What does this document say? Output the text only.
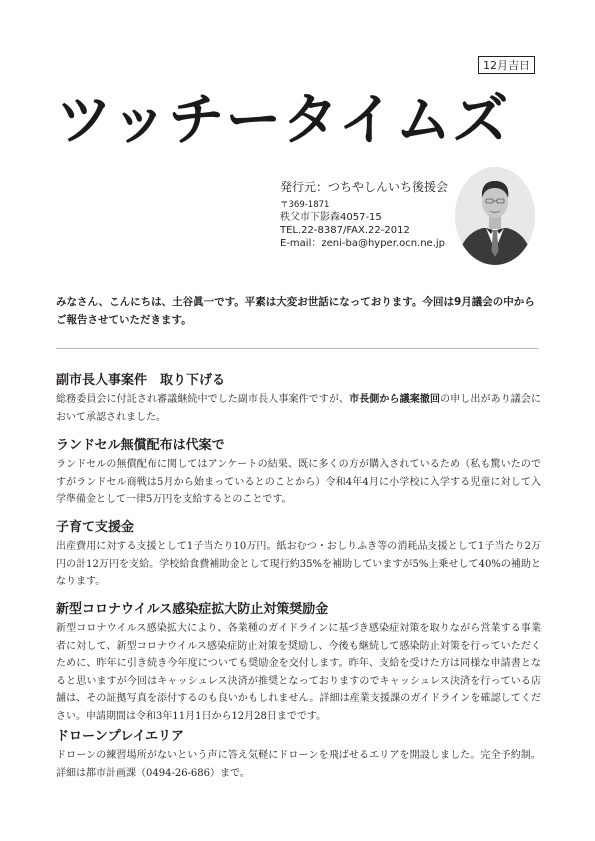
12月吉日
ツッチータイムズ
発行元：つちやしんいち後援会
〒369-1871
秩父市下影森4057-15
TEL.22-8387/FAX.22-2012
E-mail：zeni-ba@hyper.ocn.ne.jp
みなさん、こんにちは、土谷眞一です。平素は大変お世話になっております。今回は9月議会の中からご報告させていただきます。
副市長人事案件　取り下げる

総務委員会に付託され審議継続中でした副市長人事案件ですが、市長側から議案撤回の申し出があり議会において承認されました。

ランドセル無償配布は代案で

ランドセルの無償配布に関してはアンケートの結果、既に多くの方が購入されているため（私も驚いたのですがランドセル商戦は5月から始まっているとのことから）令和4年4月に小学校に入学する児童に対して入学準備金として一律5万円を支給するとのことです。

子育て支援金

出産費用に対する支援として1子当たり10万円。紙おむつ・おしりふき等の消耗品支援として1子当たり2万円の計12万円を支給。学校給食費補助金として現行約35%を補助していますが5%上乗せして40%の補助となります。

新型コロナウイルス感染症拡大防止対策奨励金

新型コロナウイルス感染拡大により、各業種のガイドラインに基づき感染症対策を取りながら営業する事業者に対して、新型コロナウイルス感染症防止対策を奨励し、今後も継続して感染防止対策を行っていただくために、昨年に引き続き今年度についても奨励金を交付します。昨年、支給を受けた方は同様な申請書となると思いますが今回はキャッシュレス決済が推奨となっておりますのでキャッシュレス決済を行っている店舗は、その証拠写真を添付するのも良いかもしれません。詳細は産業支援課のガイドラインを確認してください。申請期間は令和3年11月1日から12月28日までです。

ドローンプレイエリア

ドローンの練習場所がないという声に答え気軽にドローンを飛ばせるエリアを開設しました。完全予約制。詳細は都市計画課（0494-26-686）まで。
